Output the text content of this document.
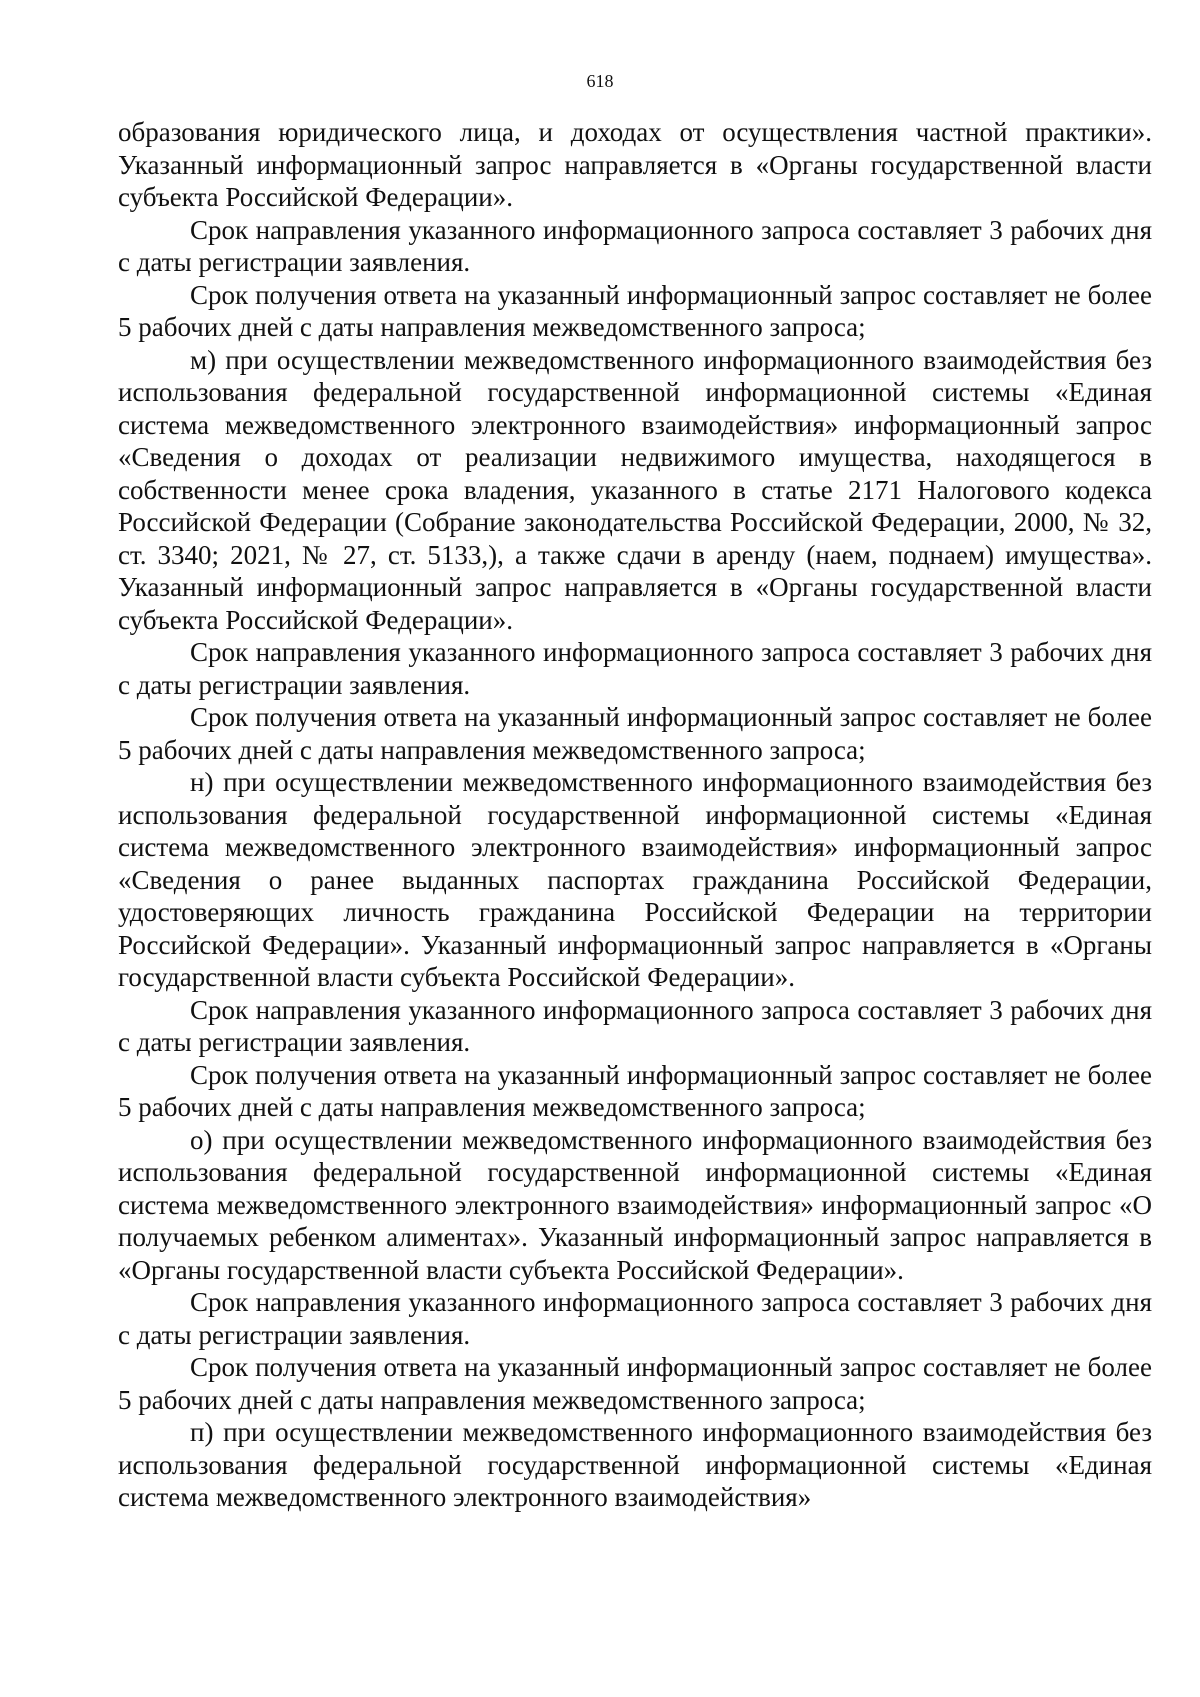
618

образования юридического лица, и доходах от осуществления частной практики». Указанный информационный запрос направляется в «Органы государственной власти субъекта Российской Федерации».

Срок направления указанного информационного запроса составляет 3 рабочих дня с даты регистрации заявления.

Срок получения ответа на указанный информационный запрос составляет не более 5 рабочих дней с даты направления межведомственного запроса;

м) при осуществлении межведомственного информационного взаимодействия без использования федеральной государственной информационной системы «Единая система межведомственного электронного взаимодействия» информационный запрос «Сведения о доходах от реализации недвижимого имущества, находящегося в собственности менее срока владения, указанного в статье 2171 Налогового кодекса Российской Федерации (Собрание законодательства Российской Федерации, 2000, № 32, ст. 3340; 2021, № 27, ст. 5133,), а также сдачи в аренду (наем, поднаем) имущества». Указанный информационный запрос направляется в «Органы государственной власти субъекта Российской Федерации».

Срок направления указанного информационного запроса составляет 3 рабочих дня с даты регистрации заявления.

Срок получения ответа на указанный информационный запрос составляет не более 5 рабочих дней с даты направления межведомственного запроса;

н) при осуществлении межведомственного информационного взаимодействия без использования федеральной государственной информационной системы «Единая система межведомственного электронного взаимодействия» информационный запрос «Сведения о ранее выданных паспортах гражданина Российской Федерации, удостоверяющих личность гражданина Российской Федерации на территории Российской Федерации». Указанный информационный запрос направляется в «Органы государственной власти субъекта Российской Федерации».

Срок направления указанного информационного запроса составляет 3 рабочих дня с даты регистрации заявления.

Срок получения ответа на указанный информационный запрос составляет не более 5 рабочих дней с даты направления межведомственного запроса;

о) при осуществлении межведомственного информационного взаимодействия без использования федеральной государственной информационной системы «Единая система межведомственного электронного взаимодействия» информационный запрос «О получаемых ребенком алиментах». Указанный информационный запрос направляется в «Органы государственной власти субъекта Российской Федерации».

Срок направления указанного информационного запроса составляет 3 рабочих дня с даты регистрации заявления.

Срок получения ответа на указанный информационный запрос составляет не более 5 рабочих дней с даты направления межведомственного запроса;

п) при осуществлении межведомственного информационного взаимодействия без использования федеральной государственной информационной системы «Единая система межведомственного электронного взаимодействия»
